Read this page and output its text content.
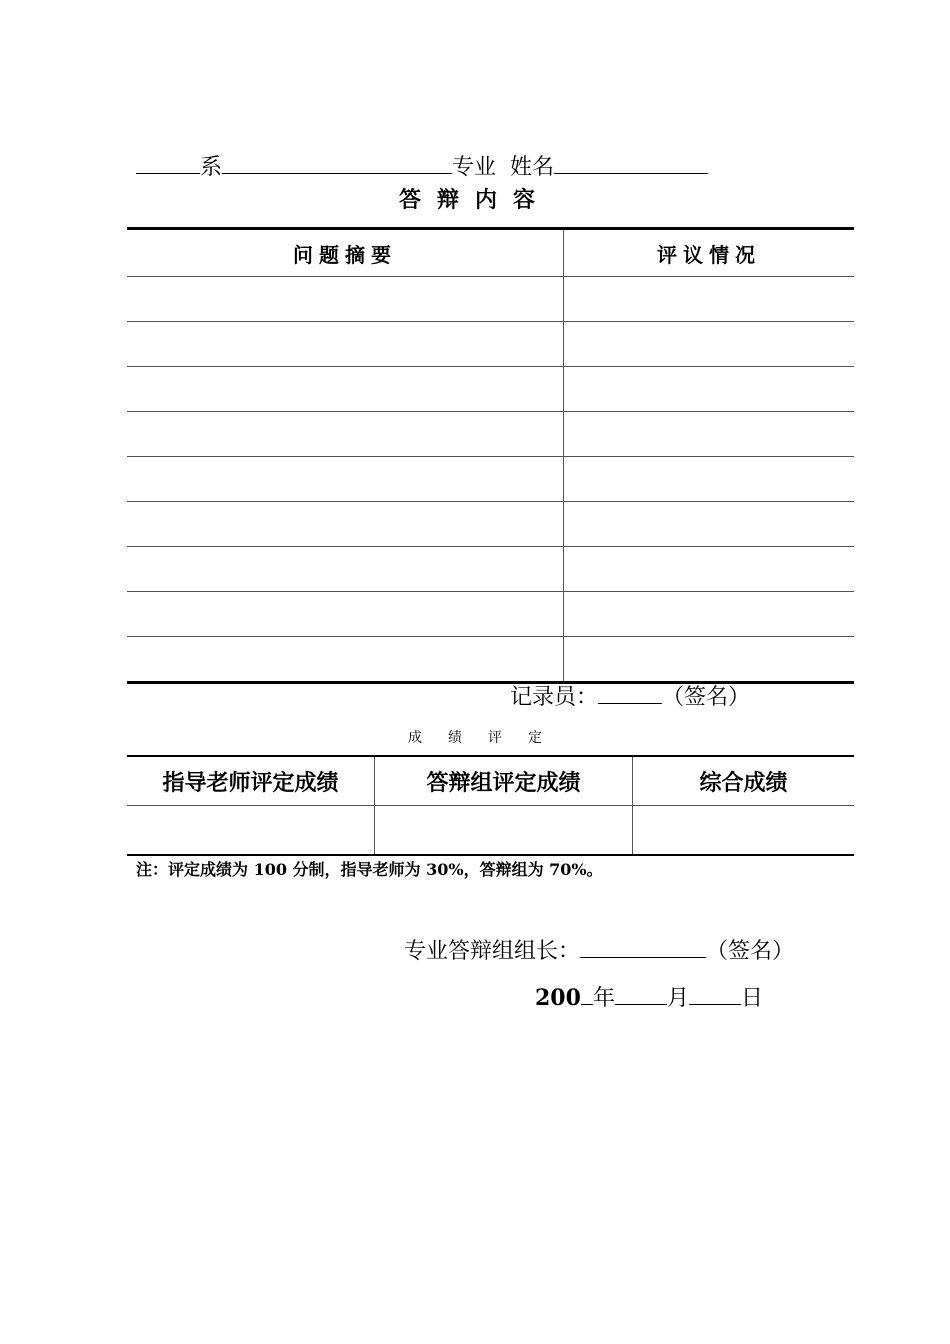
系	专业 姓名
答辩内容
问题摘要	评议情况

记录员：	（签名）
成绩评定
指导老师评定成绩	答辩组评定成绩	综合成绩

注：评定成绩为 100 分制，指导老师为 30%，答辩组为 70%。
专业答辩组组长：	（签名）
200 年 月 日
